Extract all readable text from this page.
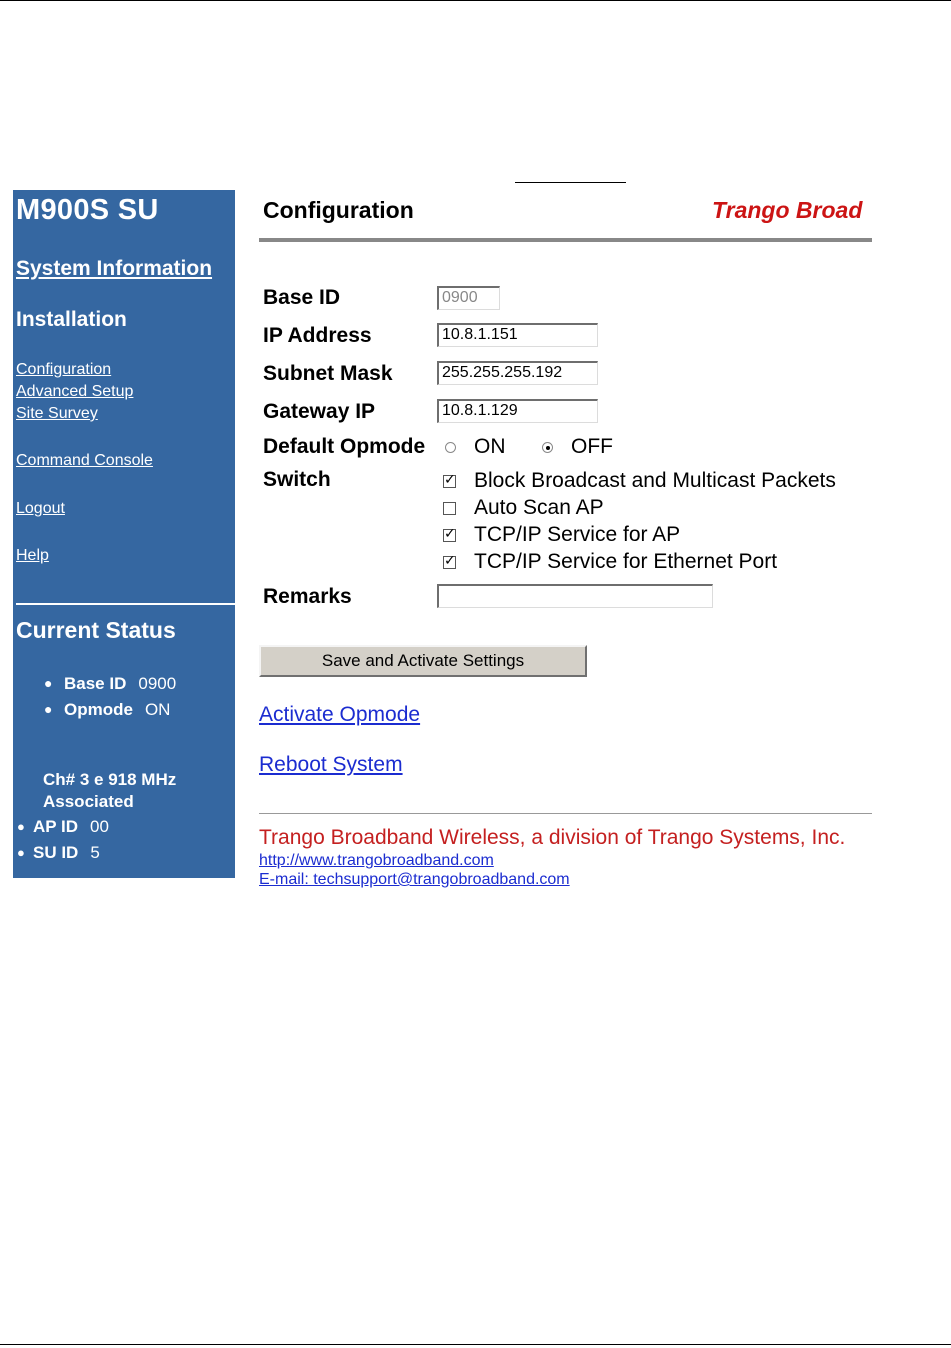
M900S SU
System Information
Installation
Configuration
Advanced Setup
Site Survey
Command Console
Logout
Help
Current Status
● Base ID 0900
● Opmode ON
Ch# 3 e 918 MHz
Associated
● AP ID 00
● SU ID 5
Configuration	Trango Broad
Base ID	0900
IP Address	10.8.1.151
Subnet Mask	255.255.255.192
Gateway IP	10.8.1.129
Default Opmode ON	OFF
Switch
✓	Block Broadcast and Multicast Packets
Auto Scan AP
✓
TCP/IP Service for AP
✓
TCP/IP Service for Ethernet Port
Remarks
Save and Activate Settings
Activate Opmode
Reboot System
Trango Broadband Wireless, a division of Trango Systems, Inc.
http://www.trangobroadband.com
E-mail: techsupport@trangobroadband.com
